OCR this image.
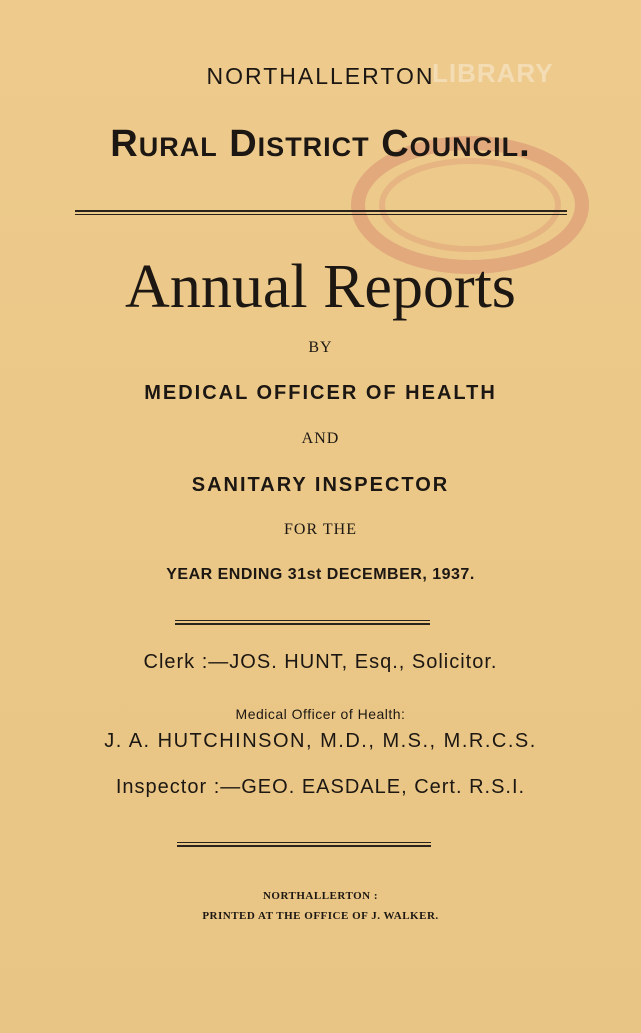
LIBRARY
NORTHALLERTON
Rural District Council.
Annual Reports
BY
MEDICAL OFFICER OF HEALTH
AND
SANITARY INSPECTOR
FOR THE
YEAR ENDING 31st DECEMBER, 1937.
Clerk :—JOS. HUNT, Esq., Solicitor.
Medical Officer of Health:
J. A. HUTCHINSON, M.D., M.S., M.R.C.S.
Inspector :—GEO. EASDALE, Cert. R.S.I.
NORTHALLERTON :
PRINTED AT THE OFFICE OF J. WALKER.
